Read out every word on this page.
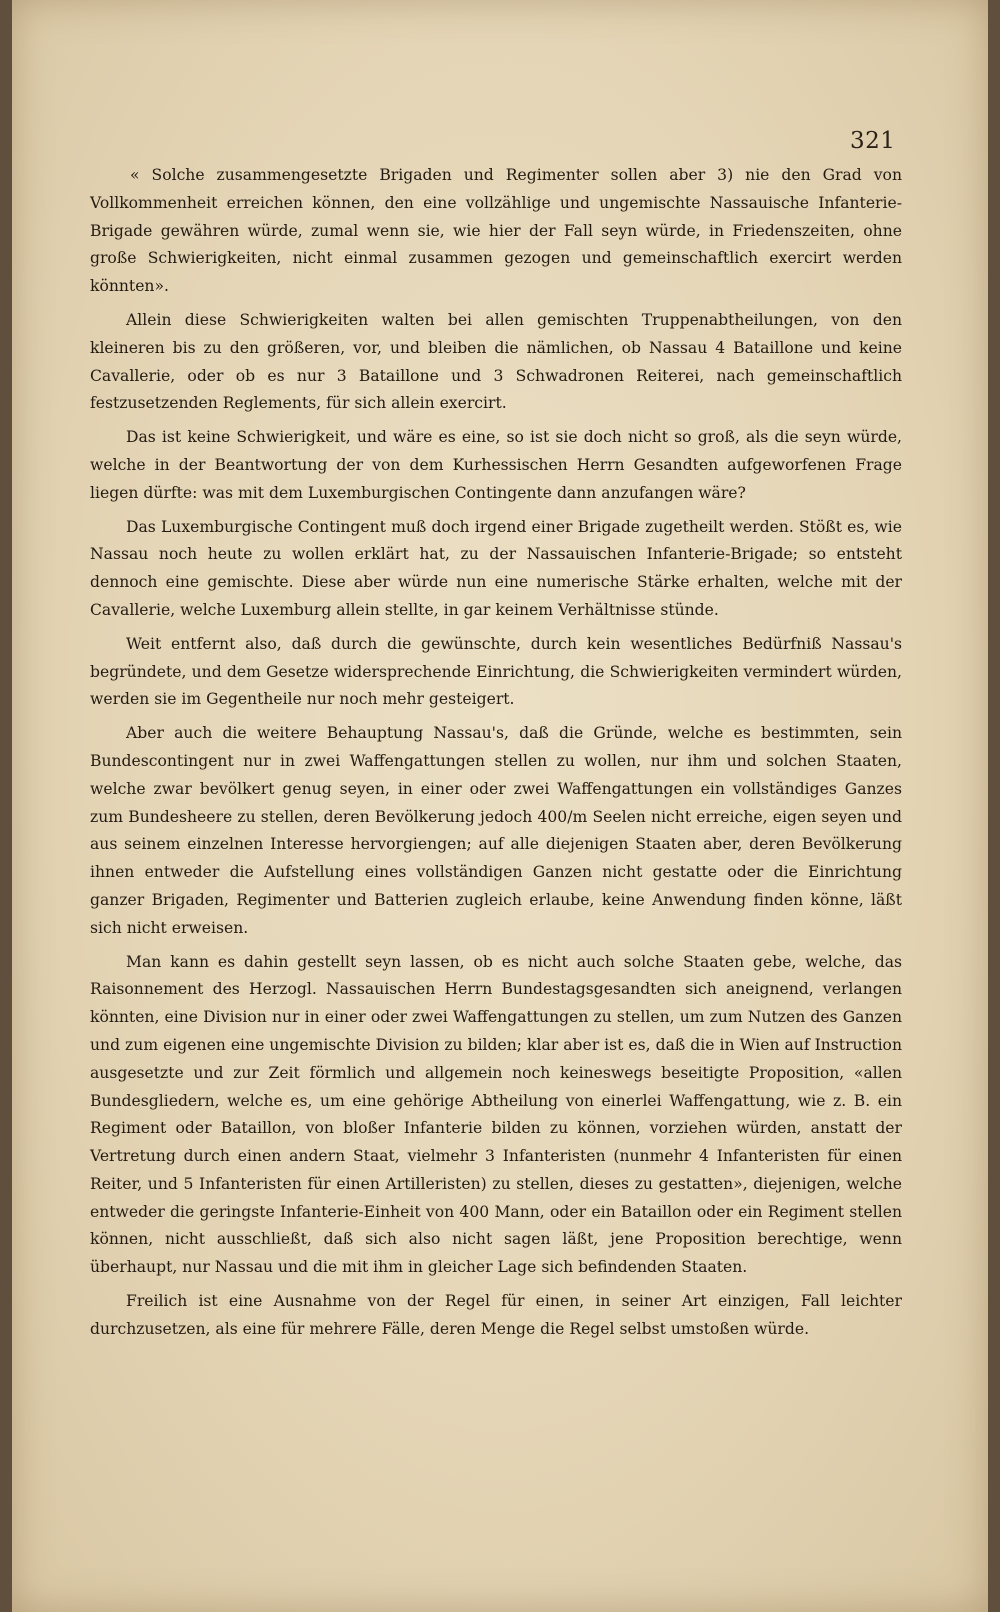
321

« Solche zusammengesetzte Brigaden und Regimenter sollen aber 3) nie den Grad von Vollkommenheit erreichen können, den eine vollzählige und ungemischte Nassauische Infanterie-Brigade gewähren würde, zumal wenn sie, wie hier der Fall seyn würde, in Friedenszeiten, ohne große Schwierigkeiten, nicht einmal zusammen gezogen und gemeinschaftlich exercirt werden könnten».

Allein diese Schwierigkeiten walten bei allen gemischten Truppenabtheilungen, von den kleineren bis zu den größeren, vor, und bleiben die nämlichen, ob Nassau 4 Bataillone und keine Cavallerie, oder ob es nur 3 Bataillone und 3 Schwadronen Reiterei, nach gemeinschaftlich festzusetzenden Reglements, für sich allein exercirt.

Das ist keine Schwierigkeit, und wäre es eine, so ist sie doch nicht so groß, als die seyn würde, welche in der Beantwortung der von dem Kurhessischen Herrn Gesandten aufgeworfenen Frage liegen dürfte: was mit dem Luxemburgischen Contingente dann anzufangen wäre?

Das Luxemburgische Contingent muß doch irgend einer Brigade zugetheilt werden. Stößt es, wie Nassau noch heute zu wollen erklärt hat, zu der Nassauischen Infanterie-Brigade; so entsteht dennoch eine gemischte. Diese aber würde nun eine numerische Stärke erhalten, welche mit der Cavallerie, welche Luxemburg allein stellte, in gar keinem Verhältnisse stünde.

Weit entfernt also, daß durch die gewünschte, durch kein wesentliches Bedürfniß Nassau's begründete, und dem Gesetze widersprechende Einrichtung, die Schwierigkeiten vermindert würden, werden sie im Gegentheile nur noch mehr gesteigert.

Aber auch die weitere Behauptung Nassau's, daß die Gründe, welche es bestimmten, sein Bundescontingent nur in zwei Waffengattungen stellen zu wollen, nur ihm und solchen Staaten, welche zwar bevölkert genug seyen, in einer oder zwei Waffengattungen ein vollständiges Ganzes zum Bundesheere zu stellen, deren Bevölkerung jedoch 400/m Seelen nicht erreiche, eigen seyen und aus seinem einzelnen Interesse hervorgiengen; auf alle diejenigen Staaten aber, deren Bevölkerung ihnen entweder die Aufstellung eines vollständigen Ganzen nicht gestatte oder die Einrichtung ganzer Brigaden, Regimenter und Batterien zugleich erlaube, keine Anwendung finden könne, läßt sich nicht erweisen.

Man kann es dahin gestellt seyn lassen, ob es nicht auch solche Staaten gebe, welche, das Raisonnement des Herzogl. Nassauischen Herrn Bundestagsgesandten sich aneignend, verlangen könnten, eine Division nur in einer oder zwei Waffengattungen zu stellen, um zum Nutzen des Ganzen und zum eigenen eine ungemischte Division zu bilden; klar aber ist es, daß die in Wien auf Instruction ausgesetzte und zur Zeit förmlich und allgemein noch keineswegs beseitigte Proposition, «allen Bundesgliedern, welche es, um eine gehörige Abtheilung von einerlei Waffengattung, wie z. B. ein Regiment oder Bataillon, von bloßer Infanterie bilden zu können, vorziehen würden, anstatt der Vertretung durch einen andern Staat, vielmehr 3 Infanteristen (nunmehr 4 Infanteristen für einen Reiter, und 5 Infanteristen für einen Artilleristen) zu stellen, dieses zu gestatten», diejenigen, welche entweder die geringste Infanterie-Einheit von 400 Mann, oder ein Bataillon oder ein Regiment stellen können, nicht ausschließt, daß sich also nicht sagen läßt, jene Proposition berechtige, wenn überhaupt, nur Nassau und die mit ihm in gleicher Lage sich befindenden Staaten.

Freilich ist eine Ausnahme von der Regel für einen, in seiner Art einzigen, Fall leichter durchzusetzen, als eine für mehrere Fälle, deren Menge die Regel selbst umstoßen würde.
